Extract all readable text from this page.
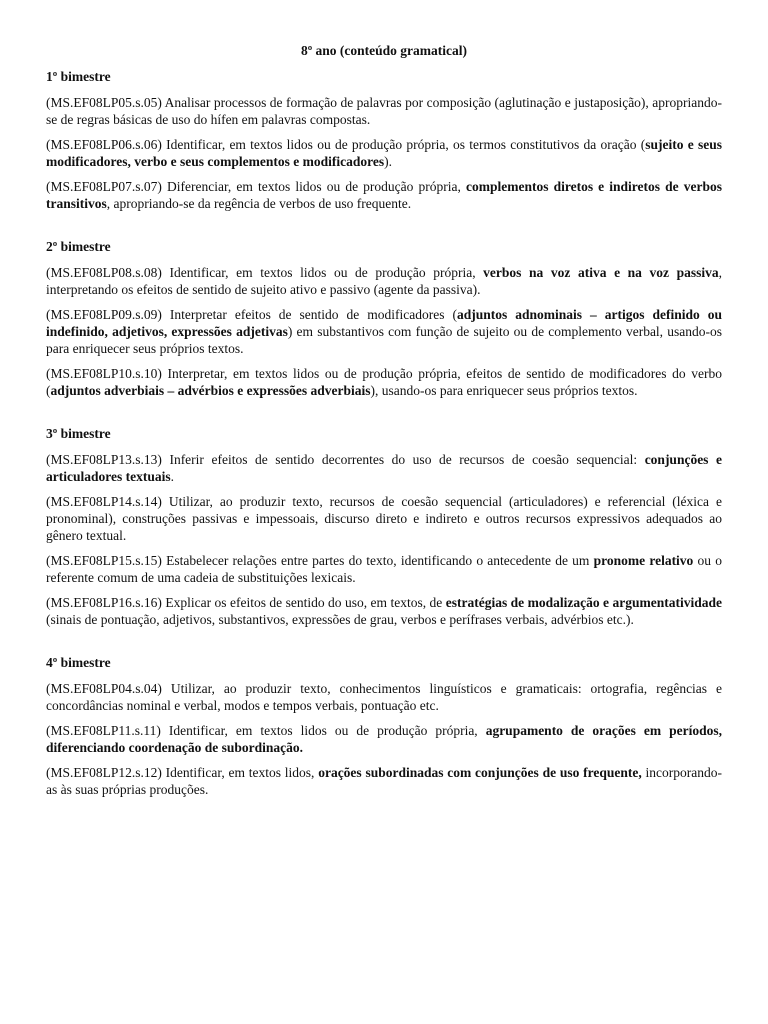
8º ano (conteúdo gramatical)
1º bimestre
(MS.EF08LP05.s.05) Analisar processos de formação de palavras por composição (aglutinação e justaposição), apropriando-se de regras básicas de uso do hífen em palavras compostas.
(MS.EF08LP06.s.06) Identificar, em textos lidos ou de produção própria, os termos constitutivos da oração (sujeito e seus modificadores, verbo e seus complementos e modificadores).
(MS.EF08LP07.s.07) Diferenciar, em textos lidos ou de produção própria, complementos diretos e indiretos de verbos transitivos, apropriando-se da regência de verbos de uso frequente.
2º bimestre
(MS.EF08LP08.s.08) Identificar, em textos lidos ou de produção própria, verbos na voz ativa e na voz passiva, interpretando os efeitos de sentido de sujeito ativo e passivo (agente da passiva).
(MS.EF08LP09.s.09) Interpretar efeitos de sentido de modificadores (adjuntos adnominais – artigos definido ou indefinido, adjetivos, expressões adjetivas) em substantivos com função de sujeito ou de complemento verbal, usando-os para enriquecer seus próprios textos.
(MS.EF08LP10.s.10) Interpretar, em textos lidos ou de produção própria, efeitos de sentido de modificadores do verbo (adjuntos adverbiais – advérbios e expressões adverbiais), usando-os para enriquecer seus próprios textos.
3º bimestre
(MS.EF08LP13.s.13) Inferir efeitos de sentido decorrentes do uso de recursos de coesão sequencial: conjunções e articuladores textuais.
(MS.EF08LP14.s.14) Utilizar, ao produzir texto, recursos de coesão sequencial (articuladores) e referencial (léxica e pronominal), construções passivas e impessoais, discurso direto e indireto e outros recursos expressivos adequados ao gênero textual.
(MS.EF08LP15.s.15) Estabelecer relações entre partes do texto, identificando o antecedente de um pronome relativo ou o referente comum de uma cadeia de substituições lexicais.
(MS.EF08LP16.s.16) Explicar os efeitos de sentido do uso, em textos, de estratégias de modalização e argumentatividade (sinais de pontuação, adjetivos, substantivos, expressões de grau, verbos e perífrases verbais, advérbios etc.).
4º bimestre
(MS.EF08LP04.s.04) Utilizar, ao produzir texto, conhecimentos linguísticos e gramaticais: ortografia, regências e concordâncias nominal e verbal, modos e tempos verbais, pontuação etc.
(MS.EF08LP11.s.11) Identificar, em textos lidos ou de produção própria, agrupamento de orações em períodos, diferenciando coordenação de subordinação.
(MS.EF08LP12.s.12) Identificar, em textos lidos, orações subordinadas com conjunções de uso frequente, incorporando-as às suas próprias produções.
